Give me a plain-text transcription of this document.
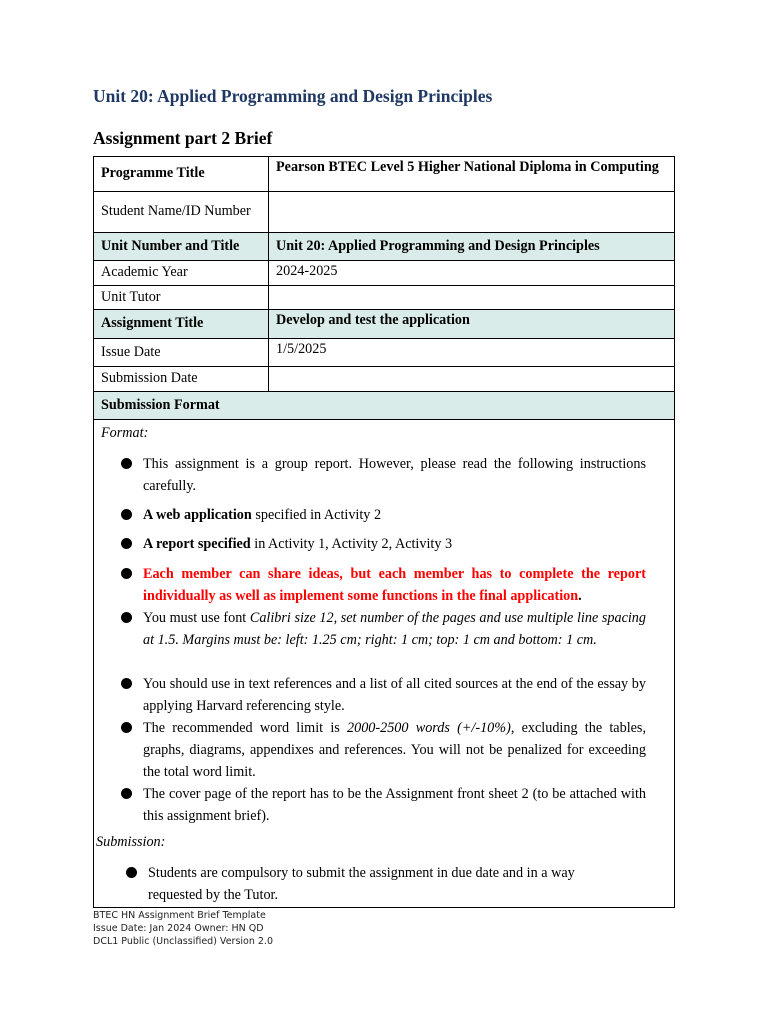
Unit 20: Applied Programming and Design Principles
Assignment part 2 Brief
Programme Title	Pearson BTEC Level 5 Higher National Diploma in Computing
Student Name/ID Number	
Unit Number and Title	Unit 20: Applied Programming and Design Principles
Academic Year	2024-2025
Unit Tutor	
Assignment Title	Develop and test the application
Issue Date	1/5/2025
Submission Date	
Submission Format	
Format:
This assignment is a group report. However, please read the following instructions carefully.
A web application specified in Activity 2
A report specified in Activity 1, Activity 2, Activity 3
Each member can share ideas, but each member has to complete the report individually as well as implement some functions in the final application.
You must use font Calibri size 12, set number of the pages and use multiple line spacing at 1.5. Margins must be: left: 1.25 cm; right: 1 cm; top: 1 cm and bottom: 1 cm.
You should use in text references and a list of all cited sources at the end of the essay by applying Harvard referencing style.
The recommended word limit is 2000-2500 words (+/-10%), excluding the tables, graphs, diagrams, appendixes and references. You will not be penalized for exceeding the total word limit.
The cover page of the report has to be the Assignment front sheet 2 (to be attached with this assignment brief).
Submission:
Students are compulsory to submit the assignment in due date and in a way requested by the Tutor.
BTEC HN Assignment Brief Template
Issue Date: Jan 2024 Owner: HN QD
DCL1 Public (Unclassified) Version 2.0
